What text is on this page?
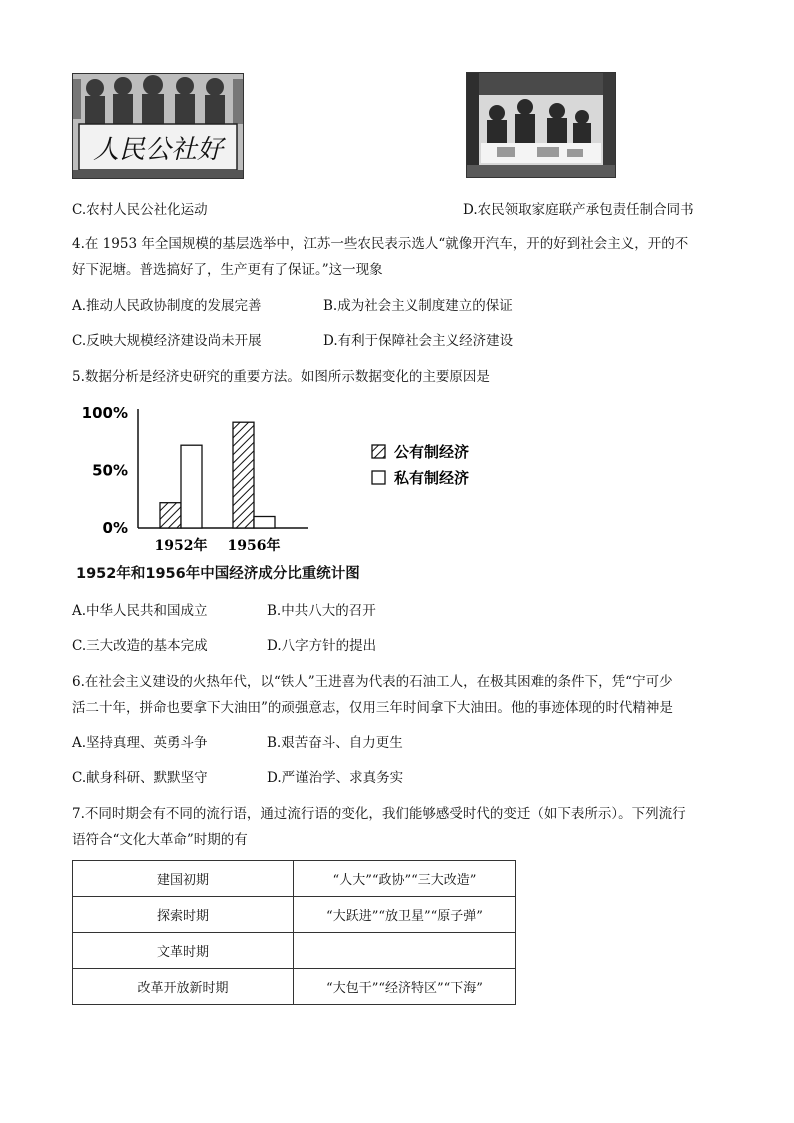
人民公社好
C.农村人民公社化运动	D.农民领取家庭联产承包责任制合同书
4.在 1953 年全国规模的基层选举中，江苏一些农民表示选人“就像开汽车，开的好到社会主义，开的不
好下泥塘。普选搞好了，生产更有了保证。”这一现象
A.推动人民政协制度的发展完善	B.成为社会主义制度建立的保证
C.反映大规模经济建设尚未开展	D.有利于保障社会主义经济建设
5.数据分析是经济史研究的重要方法。如图所示数据变化的主要原因是
100%
50%
0%
1952年 1956年
公有制经济
私有制经济
1952年和1956年中国经济成分比重统计图
A.中华人民共和国成立	B.中共八大的召开
C.三大改造的基本完成	D.八字方针的提出
6.在社会主义建设的火热年代，以“铁人”王进喜为代表的石油工人，在极其困难的条件下，凭“宁可少
活二十年，拼命也要拿下大油田”的顽强意志，仅用三年时间拿下大油田。他的事迹体现的时代精神是
A.坚持真理、英勇斗争	B.艰苦奋斗、自力更生
C.献身科研、默默坚守	D.严谨治学、求真务实
7.不同时期会有不同的流行语，通过流行语的变化，我们能够感受时代的变迁（如下表所示）。下列流行
语符合“文化大革命”时期的有
建国初期	“人大”“政协”“三大改造”
探索时期	“大跃进”“放卫星”“原子弹”
文革时期	
改革开放新时期	“大包干”“经济特区”“下海”
